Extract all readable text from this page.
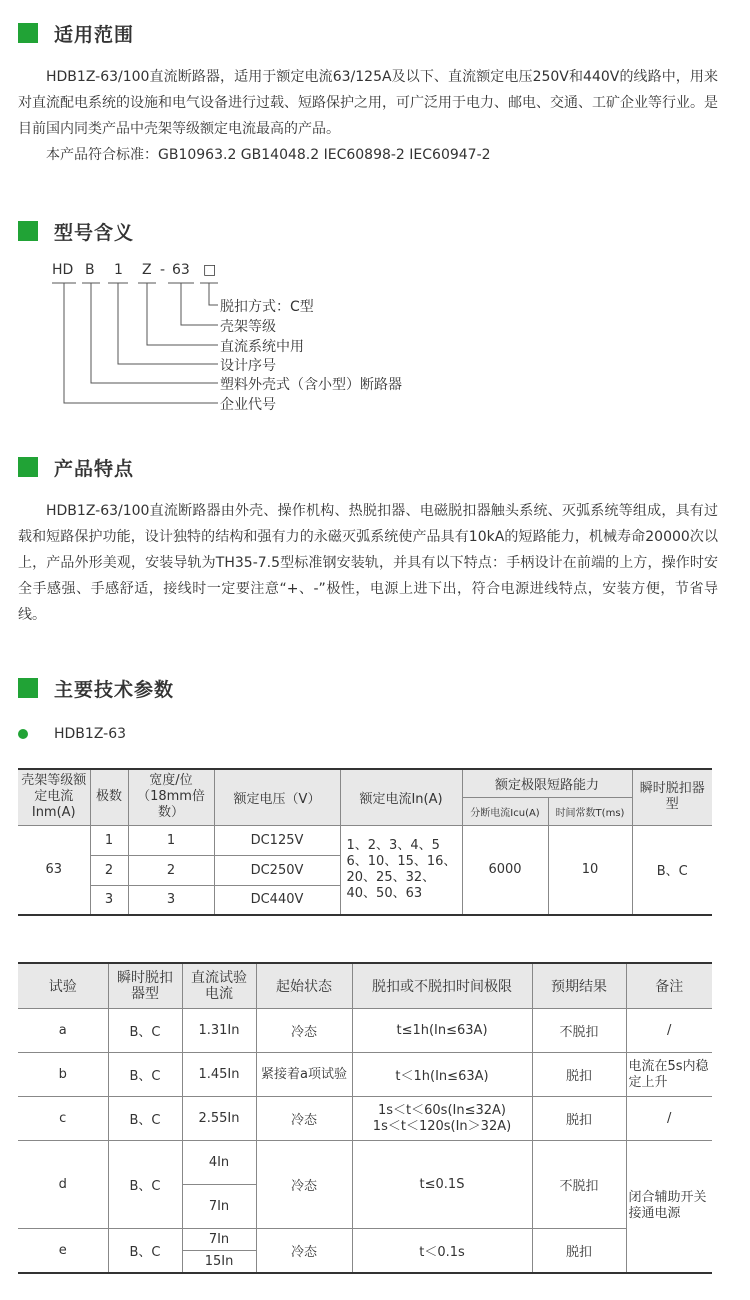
适用范围

HDB1Z-63/100直流断路器，适用于额定电流63/125A及以下、直流额定电压250V和440V的线路中，用来对直流配电系统的设施和电气设备进行过载、短路保护之用，可广泛用于电力、邮电、交通、工矿企业等行业。是目前国内同类产品中壳架等级额定电流最高的产品。

本产品符合标准：GB10963.2 GB14048.2 IEC60898-2 IEC60947-2

型号含义
HD B 1 Z - 63 □
脱扣方式：C型
壳架等级
直流系统中用
设计序号
塑料外壳式（含小型）断路器
企业代号
产品特点

HDB1Z-63/100直流断路器由外壳、操作机构、热脱扣器、电磁脱扣器触头系统、灭弧系统等组成，具有过载和短路保护功能，设计独特的结构和强有力的永磁灭弧系统使产品具有10kA的短路能力，机械寿命20000次以上，产品外形美观，安装导轨为TH35-7.5型标准钢安装轨，并具有以下特点：手柄设计在前端的上方，操作时安全手感强、手感舒适，接线时一定要注意“+、-”极性，电源上进下出，符合电源进线特点，安装方便，节省导线。

主要技术参数
HDB1Z-63
壳架等级额定电流Inm(A)	极数	宽度/位（18mm倍数）	额定电压（V）	额定电流In(A)	额定极限短路能力		瞬时脱扣器型
					分断电流Icu(A)	时间常数T(ms)	
63	1	1	DC125V	1、2、3、4、5 6、10、15、16、20、25、32、40、50、63	6000	10	B、C
	2	2	DC250V				
	3	3	DC440V				
试验	瞬时脱扣器型	直流试验电流	起始状态	脱扣或不脱扣时间极限	预期结果	备注
a	B、C	1.31In	冷态	t≤1h(In≤63A)	不脱扣	/
b	B、C	1.45In	紧接着a项试验	t＜1h(In≤63A)	脱扣	电流在5s内稳定上升
c	B、C	2.55In	冷态	1s＜t＜60s(In≤32A)
1s＜t＜120s(In＞32A)	脱扣	/
d	B、C	4In	冷态	t≤0.1S	不脱扣	闭合辅助开关接通电源
		7In				
e	B、C	7In	冷态	t＜0.1s	脱扣	
		15In				
